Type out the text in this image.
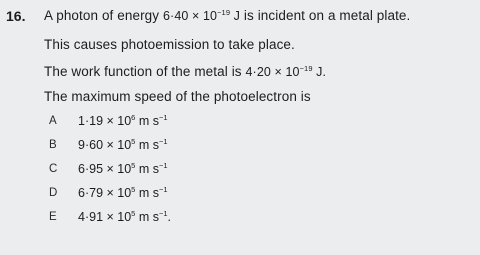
16. A photon of energy $6\cdot 40 \times 10^{-19}$ J is incident on a metal plate.
This causes photoemission to take place.
The work function of the metal is $4\cdot 20 \times 10^{-19}$ J.
The maximum speed of the photoelectron is
A $1\cdot 19 \times 10^6$ m $s^{-1}$
B $9\cdot 60 \times 10^5$ m $s^{-1}$
C $6\cdot 95 \times 10^5$ m $s^{-1}$
D $6\cdot 79 \times 10^5$ m $s^{-1}$
E $4\cdot 91 \times 10^5$ m $s^{-1}$.
